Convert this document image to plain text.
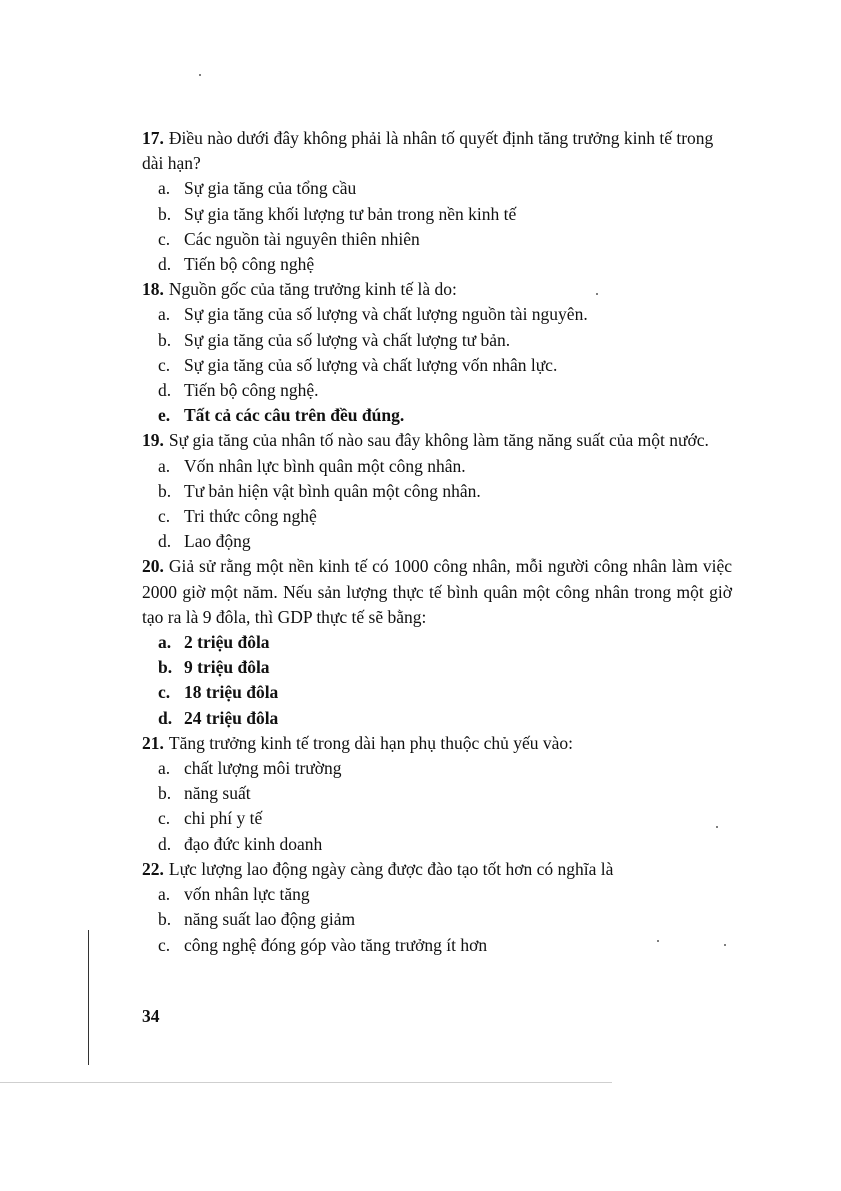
17. Điều nào dưới đây không phải là nhân tố quyết định tăng trưởng kinh tế trong dài hạn?

a. Sự gia tăng của tổng cầu

b. Sự gia tăng khối lượng tư bản trong nền kinh tế

c. Các nguồn tài nguyên thiên nhiên

d. Tiến bộ công nghệ

18. Nguồn gốc của tăng trưởng kinh tế là do:

a. Sự gia tăng của số lượng và chất lượng nguồn tài nguyên.

b. Sự gia tăng của số lượng và chất lượng tư bản.

c. Sự gia tăng của số lượng và chất lượng vốn nhân lực.

d. Tiến bộ công nghệ.

e. Tất cả các câu trên đều đúng.

19. Sự gia tăng của nhân tố nào sau đây không làm tăng năng suất của một nước.

a. Vốn nhân lực bình quân một công nhân.

b. Tư bản hiện vật bình quân một công nhân.

c. Tri thức công nghệ

d. Lao động

20. Giả sử rằng một nền kinh tế có 1000 công nhân, mỗi người công nhân làm việc 2000 giờ một năm. Nếu sản lượng thực tế bình quân một công nhân trong một giờ tạo ra là 9 đôla, thì GDP thực tế sẽ bằng:

a. 2 triệu đôla

b. 9 triệu đôla

c. 18 triệu đôla

d. 24 triệu đôla

21. Tăng trưởng kinh tế trong dài hạn phụ thuộc chủ yếu vào:

a. chất lượng môi trường

b. năng suất

c. chi phí y tế

d. đạo đức kinh doanh

22. Lực lượng lao động ngày càng được đào tạo tốt hơn có nghĩa là

a. vốn nhân lực tăng

b. năng suất lao động giảm

c. công nghệ đóng góp vào tăng trưởng ít hơn

34
